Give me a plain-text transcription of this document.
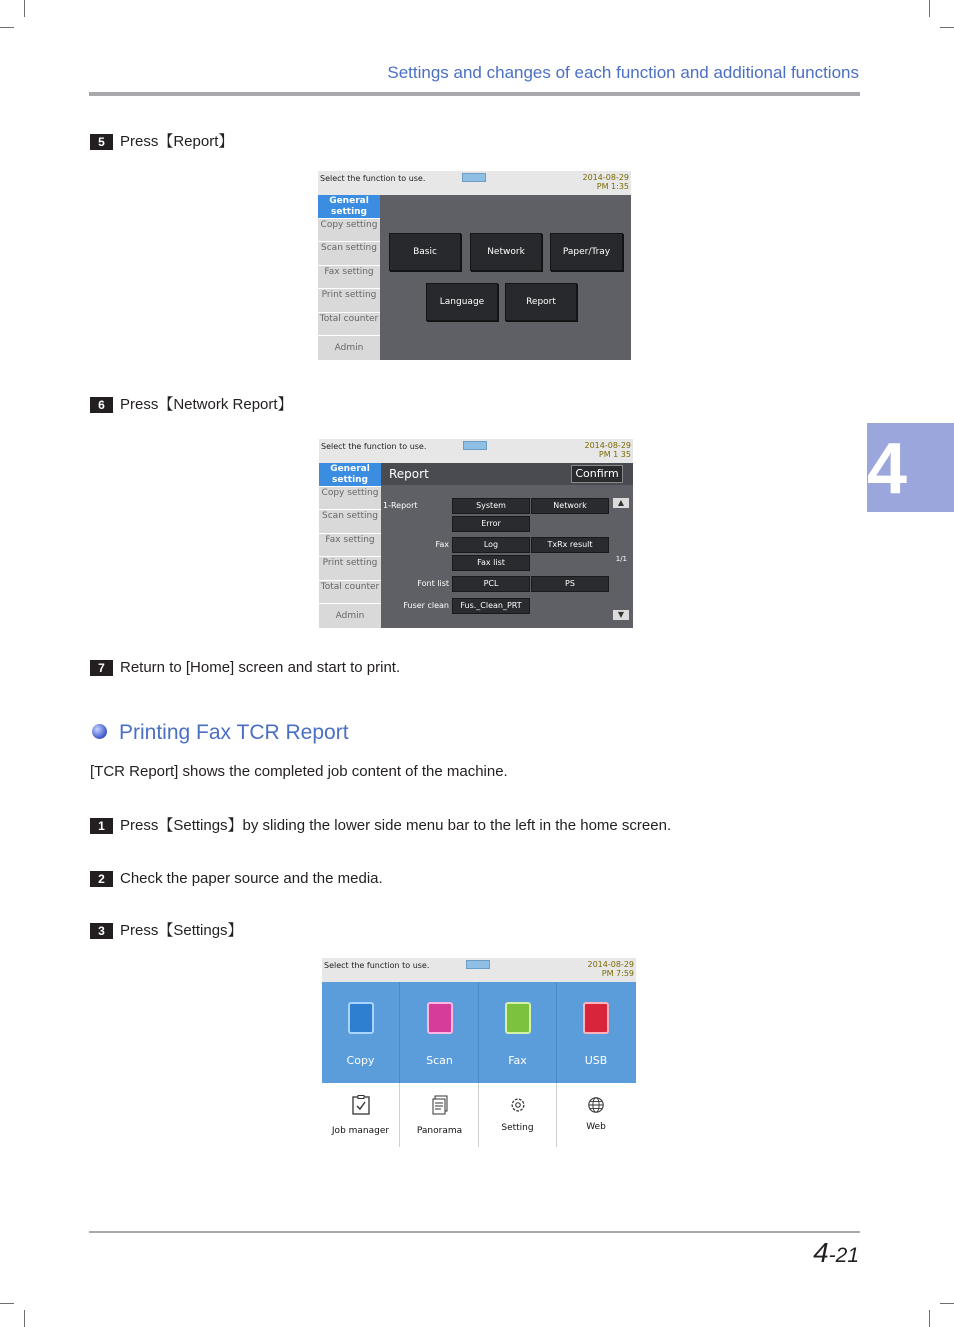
Settings and changes of each function and additional functions
4
5 Press【Report】
Select the function to use.	2014-08-29
PM 1:35
General setting
Copy setting
Scan setting
Fax setting
Print setting
Total counter
Admin
Basic	Network	Paper/Tray
Language	Report
6 Press【Network Report】
Select the function to use.	2014-08-29
PM 1 35
General setting
Copy setting
Scan setting
Fax setting
Print setting
Total counter
Admin
Report	Confirm
1-Report	System	Network
Error
Fax	Log	TxRx result
Fax list
Font list	PCL	PS
Fuser clean	Fus._Clean_PRT
▲
1/1
▼
7 Return to [Home] screen and start to print.
Printing Fax TCR Report
[TCR Report] shows the completed job content of the machine.
1 Press【Settings】by sliding the lower side menu bar to the left in the home screen.
2 Check the paper source and the media.
3 Press【Settings】
Select the function to use.	2014-08-29
PM 7:59
Copy	Scan	Fax	USB
Job manager	Panorama	Setting	Web
4-21
